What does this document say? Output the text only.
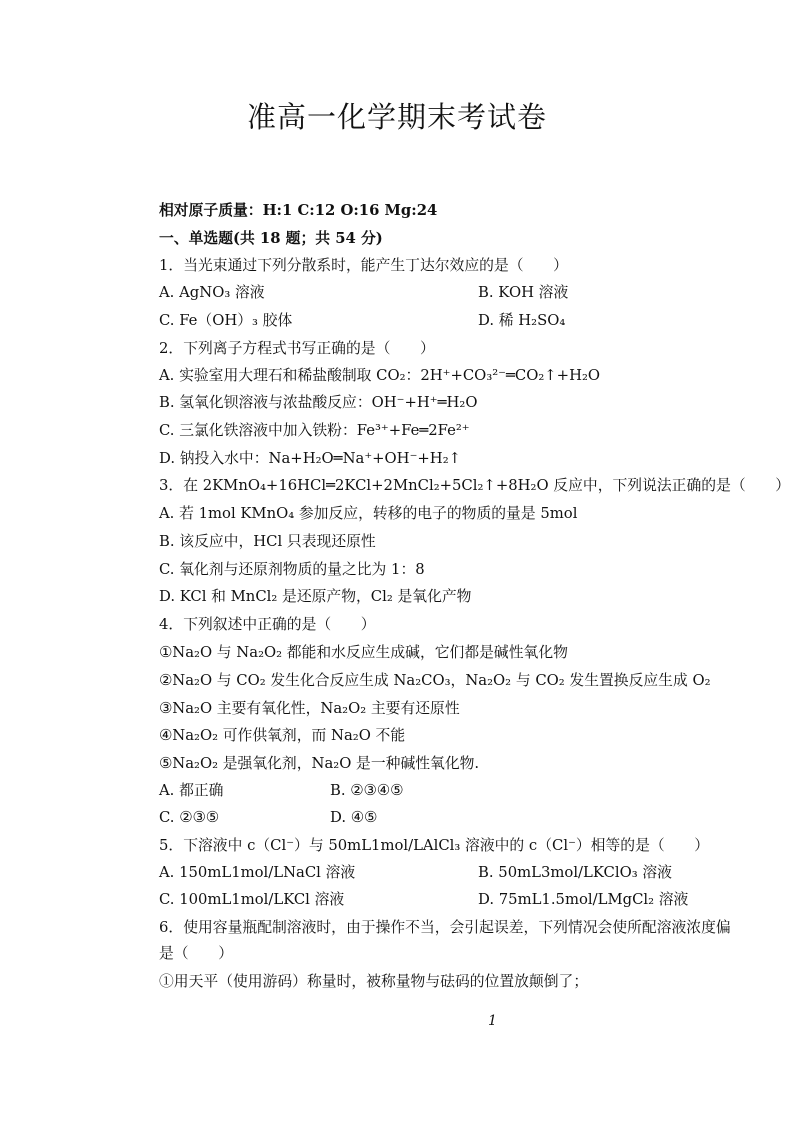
准高一化学期末考试卷
相对原子质量：H:1 C:12 O:16 Mg:24
一、单选题(共 18 题；共 54 分)
1．当光束通过下列分散系时，能产生丁达尔效应的是（　　）
A. AgNO₃ 溶液	B. KOH 溶液
C. Fe（OH）₃ 胶体	D. 稀 H₂SO₄
2．下列离子方程式书写正确的是（　　）
A. 实验室用大理石和稀盐酸制取 CO₂：2H⁺+CO₃²⁻═CO₂↑+H₂O
B. 氢氧化钡溶液与浓盐酸反应：OH⁻+H⁺═H₂O
C. 三氯化铁溶液中加入铁粉：Fe³⁺+Fe═2Fe²⁺
D. 钠投入水中：Na+H₂O═Na⁺+OH⁻+H₂↑
3．在 2KMnO₄+16HCl═2KCl+2MnCl₂+5Cl₂↑+8H₂O 反应中，下列说法正确的是（　　）
A. 若 1mol KMnO₄ 参加反应，转移的电子的物质的量是 5mol
B. 该反应中，HCl 只表现还原性
C. 氧化剂与还原剂物质的量之比为 1：8
D. KCl 和 MnCl₂ 是还原产物，Cl₂ 是氧化产物
4．下列叙述中正确的是（　　）
①Na₂O 与 Na₂O₂ 都能和水反应生成碱，它们都是碱性氧化物
②Na₂O 与 CO₂ 发生化合反应生成 Na₂CO₃，Na₂O₂ 与 CO₂ 发生置换反应生成 O₂
③Na₂O 主要有氧化性，Na₂O₂ 主要有还原性
④Na₂O₂ 可作供氧剂，而 Na₂O 不能
⑤Na₂O₂ 是强氧化剂，Na₂O 是一种碱性氧化物.
A. 都正确	B. ②③④⑤
C. ②③⑤	D. ④⑤
5．下溶液中 c（Cl⁻）与 50mL1mol/LAlCl₃ 溶液中的 c（Cl⁻）相等的是（　　）
A. 150mL1mol/LNaCl 溶液	B. 50mL3mol/LKClO₃ 溶液
C. 100mL1mol/LKCl 溶液	D. 75mL1.5mol/LMgCl₂ 溶液
6．使用容量瓶配制溶液时，由于操作不当，会引起误差，下列情况会使所配溶液浓度偏
是（　　）
①用天平（使用游码）称量时，被称量物与砝码的位置放颠倒了；
1
